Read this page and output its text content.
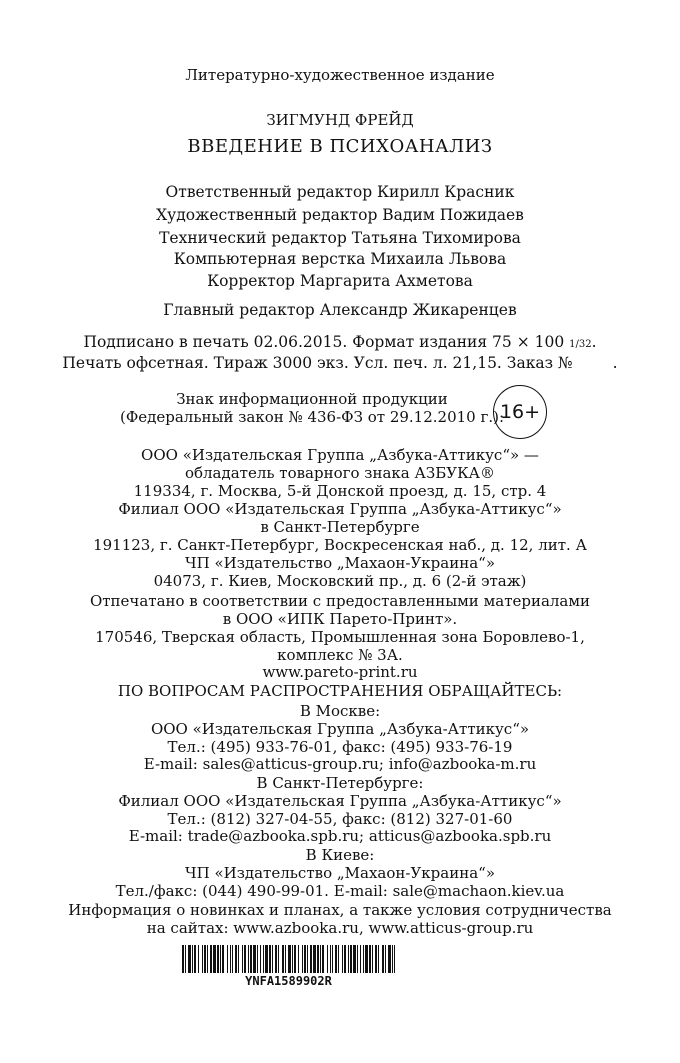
Литературно-художественное издание
ЗИГМУНД ФРЕЙД
ВВЕДЕНИЕ В ПСИХОАНАЛИЗ
Ответственный редактор Кирилл Красник
Художественный редактор Вадим Пожидаев
Технический редактор Татьяна Тихомирова
Компьютерная верстка Михаила Львова
Корректор Маргарита Ахметова
Главный редактор Александр Жикаренцев
Подписано в печать 02.06.2015. Формат издания 75 × 100 1/32.
Печать офсетная. Тираж 3000 экз. Усл. печ. л. 21,15. Заказ №	.
Знак информационной продукции
(Федеральный закон № 436-ФЗ от 29.12.2010 г.):
16+
ООО «Издательская Группа „Азбука-Аттикус“» —
обладатель товарного знака АЗБУКА®
119334, г. Москва, 5-й Донской проезд, д. 15, стр. 4
Филиал ООО «Издательская Группа „Азбука-Аттикус“»
в Санкт-Петербурге
191123, г. Санкт-Петербург, Воскресенская наб., д. 12, лит. А
ЧП «Издательство „Махаон-Украина“»
04073, г. Киев, Московский пр., д. 6 (2-й этаж)
Отпечатано в соответствии с предоставленными материалами
в ООО «ИПК Парето-Принт».
170546, Тверская область, Промышленная зона Боровлево-1,
комплекс № 3А.
www.pareto-print.ru
ПО ВОПРОСАМ РАСПРОСТРАНЕНИЯ ОБРАЩАЙТЕСЬ:
В Москве:
ООО «Издательская Группа „Азбука-Аттикус“»
Тел.: (495) 933-76-01, факс: (495) 933-76-19
E-mail: sales@atticus-group.ru; info@azbooka-m.ru
В Санкт-Петербурге:
Филиал ООО «Издательская Группа „Азбука-Аттикус“»
Тел.: (812) 327-04-55, факс: (812) 327-01-60
E-mail: trade@azbooka.spb.ru; atticus@azbooka.spb.ru
В Киеве:
ЧП «Издательство „Махаон-Украина“»
Тел./факс: (044) 490-99-01. E-mail: sale@machaon.kiev.ua
Информация о новинках и планах, а также условия сотрудничества
на сайтах: www.azbooka.ru, www.atticus-group.ru
YNFA1589902R
